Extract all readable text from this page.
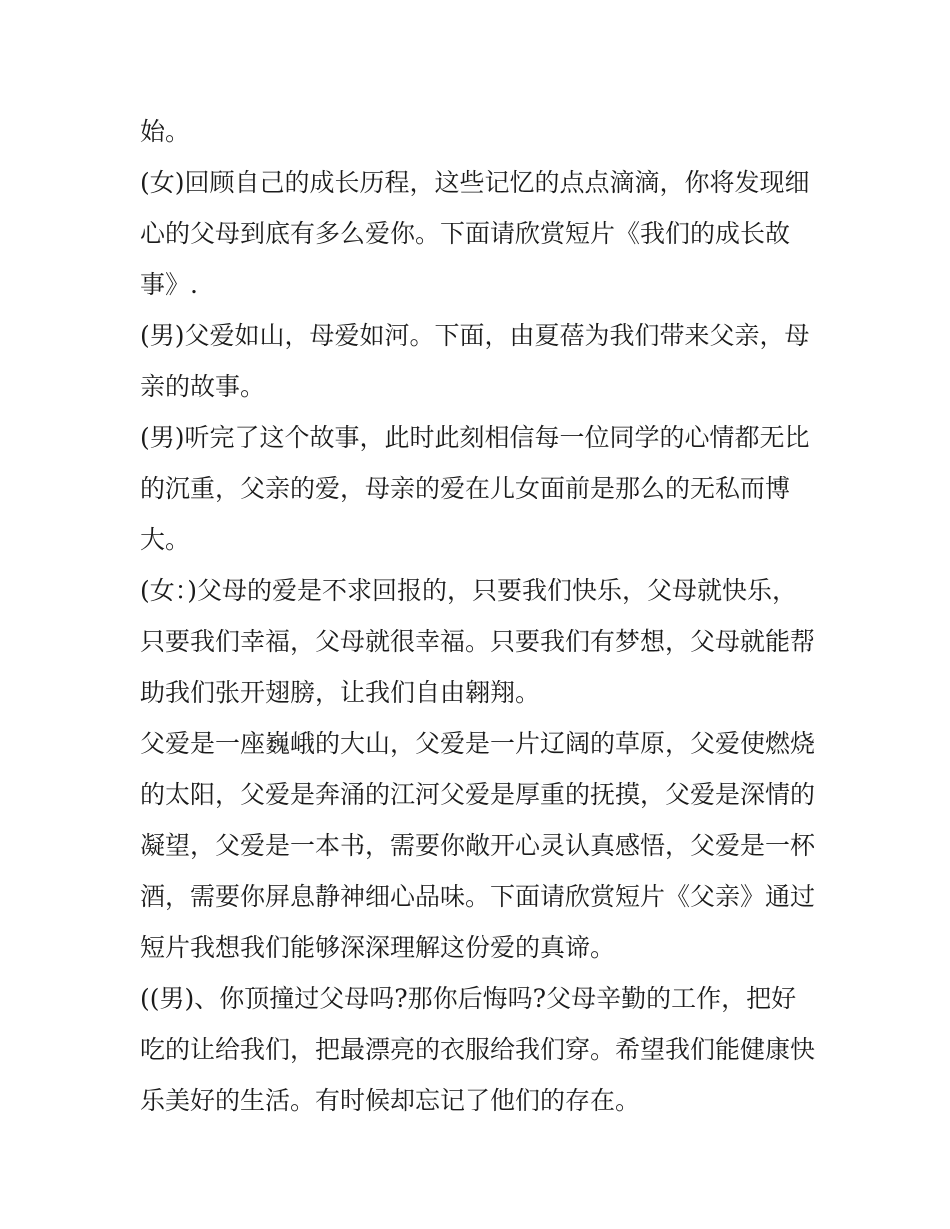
始。

(女)回顾自己的成长历程，这些记忆的点点滴滴，你将发现细心的父母到底有多么爱你。下面请欣赏短片《我们的成长故事》.

(男)父爱如山，母爱如河。下面，由夏蓓为我们带来父亲，母亲的故事。

(男)听完了这个故事，此时此刻相信每一位同学的心情都无比的沉重，父亲的爱，母亲的爱在儿女面前是那么的无私而博大。

(女：)父母的爱是不求回报的，只要我们快乐，父母就快乐，只要我们幸福，父母就很幸福。只要我们有梦想，父母就能帮助我们张开翅膀，让我们自由翱翔。

父爱是一座巍峨的大山，父爱是一片辽阔的草原，父爱使燃烧的太阳，父爱是奔涌的江河父爱是厚重的抚摸，父爱是深情的凝望，父爱是一本书，需要你敞开心灵认真感悟，父爱是一杯酒，需要你屏息静神细心品味。下面请欣赏短片《父亲》通过短片我想我们能够深深理解这份爱的真谛。

((男)、你顶撞过父母吗?那你后悔吗?父母辛勤的工作，把好吃的让给我们，把最漂亮的衣服给我们穿。希望我们能健康快乐美好的生活。有时候却忘记了他们的存在。
